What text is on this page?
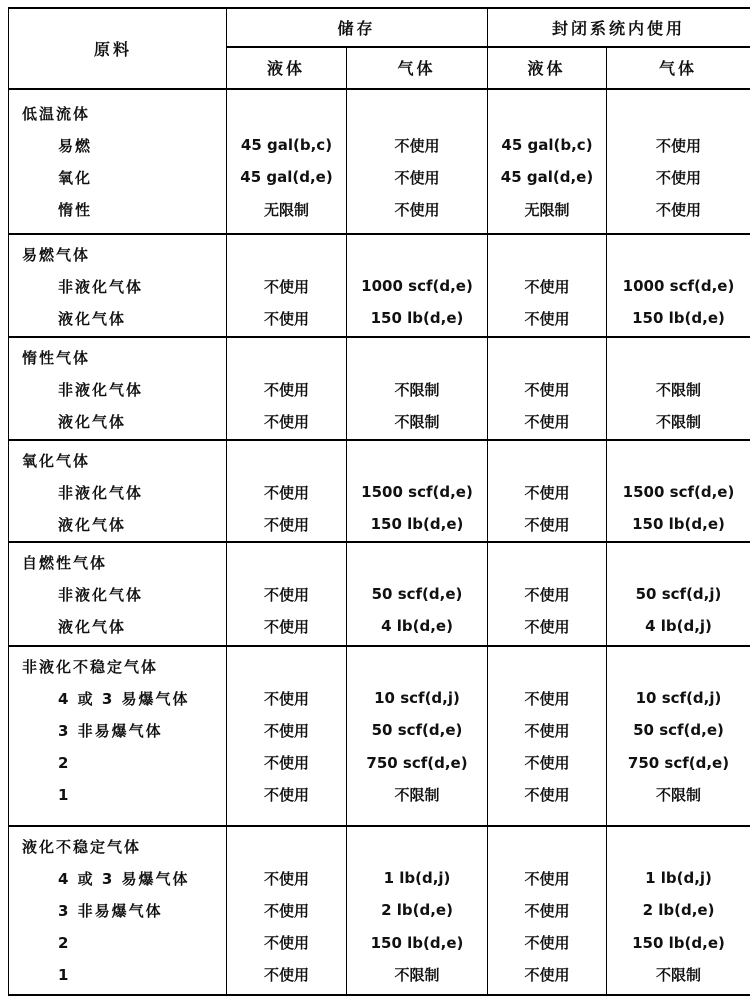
原料
储存	封闭系统内使用
液体	气体	液体	气体
低温流体
易燃	45 gal(b,c)	不使用	45 gal(b,c)	不使用
氧化	45 gal(d,e)	不使用	45 gal(d,e)	不使用
惰性	无限制	不使用	无限制	不使用
易燃气体
非液化气体	不使用	1000 scf(d,e)	不使用	1000 scf(d,e)
液化气体	不使用	150 lb(d,e)	不使用	150 lb(d,e)
惰性气体
非液化气体	不使用	不限制	不使用	不限制
液化气体	不使用	不限制	不使用	不限制
氧化气体
非液化气体	不使用	1500 scf(d,e)	不使用	1500 scf(d,e)
液化气体	不使用	150 lb(d,e)	不使用	150 lb(d,e)
自燃性气体
非液化气体	不使用	50 scf(d,e)	不使用	50 scf(d,j)
液化气体	不使用	4 lb(d,e)	不使用	4 lb(d,j)
非液化不稳定气体
4 或 3 易爆气体	不使用	10 scf(d,j)	不使用	10 scf(d,j)
3 非易爆气体	不使用	50 scf(d,e)	不使用	50 scf(d,e)
2	不使用	750 scf(d,e)	不使用	750 scf(d,e)
1	不使用	不限制	不使用	不限制
液化不稳定气体
4 或 3 易爆气体	不使用	1 lb(d,j)	不使用	1 lb(d,j)
3 非易爆气体	不使用	2 lb(d,e)	不使用	2 lb(d,e)
2	不使用	150 lb(d,e)	不使用	150 lb(d,e)
1	不使用	不限制	不使用	不限制
